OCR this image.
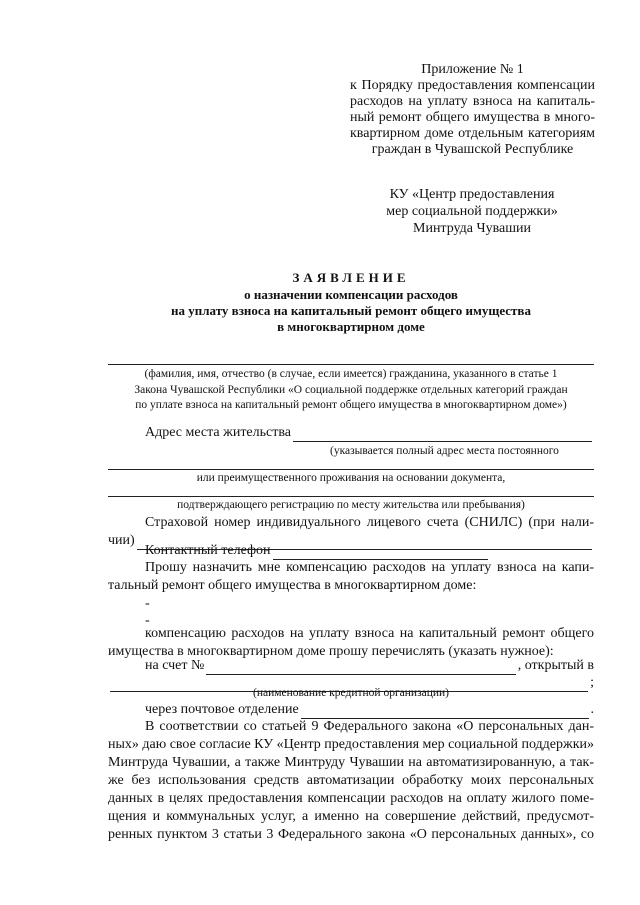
Приложение № 1
к Порядку предоставления компенсации
расходов на уплату взноса на капиталь-
ный ремонт общего имущества в много-
квартирном доме отдельным категориям
граждан в Чувашской Республике
КУ «Центр предоставления
мер социальной поддержки»
Минтруда Чувашии
ЗАЯВЛЕНИЕ
о назначении компенсации расходов
на уплату взноса на капитальный ремонт общего имущества
в многоквартирном доме
(фамилия, имя, отчество (в случае, если имеется) гражданина, указанного в статье 1
Закона Чувашской Республики «О социальной поддержке отдельных категорий граждан
по уплате взноса на капитальный ремонт общего имущества в многоквартирном доме»)
Адрес места жительства
(указывается полный адрес места постоянного
или преимущественного проживания на основании документа,
подтверждающего регистрацию по месту жительства или пребывания)
Страховой номер индивидуального лицевого счета (СНИЛС) (при нали-
чии)
Контактный телефон
Прошу назначить мне компенсацию расходов на уплату взноса на капи-
тальный ремонт общего имущества в многоквартирном доме:
-
-
компенсацию расходов на уплату взноса на капитальный ремонт общего
имущества в многоквартирном доме прошу перечислять (указать нужное):
на счет №	, открытый в
;
(наименование кредитной организации)
через почтовое отделение	.
В соответствии со статьей 9 Федерального закона «О персональных дан-
ных» даю свое согласие КУ «Центр предоставления мер социальной поддержки»
Минтруда Чувашии, а также Минтруду Чувашии на автоматизированную, а так-
же без использования средств автоматизации обработку моих персональных
данных в целях предоставления компенсации расходов на оплату жилого поме-
щения и коммунальных услуг, а именно на совершение действий, предусмот-
ренных пунктом 3 статьи 3 Федерального закона «О персональных данных», со
